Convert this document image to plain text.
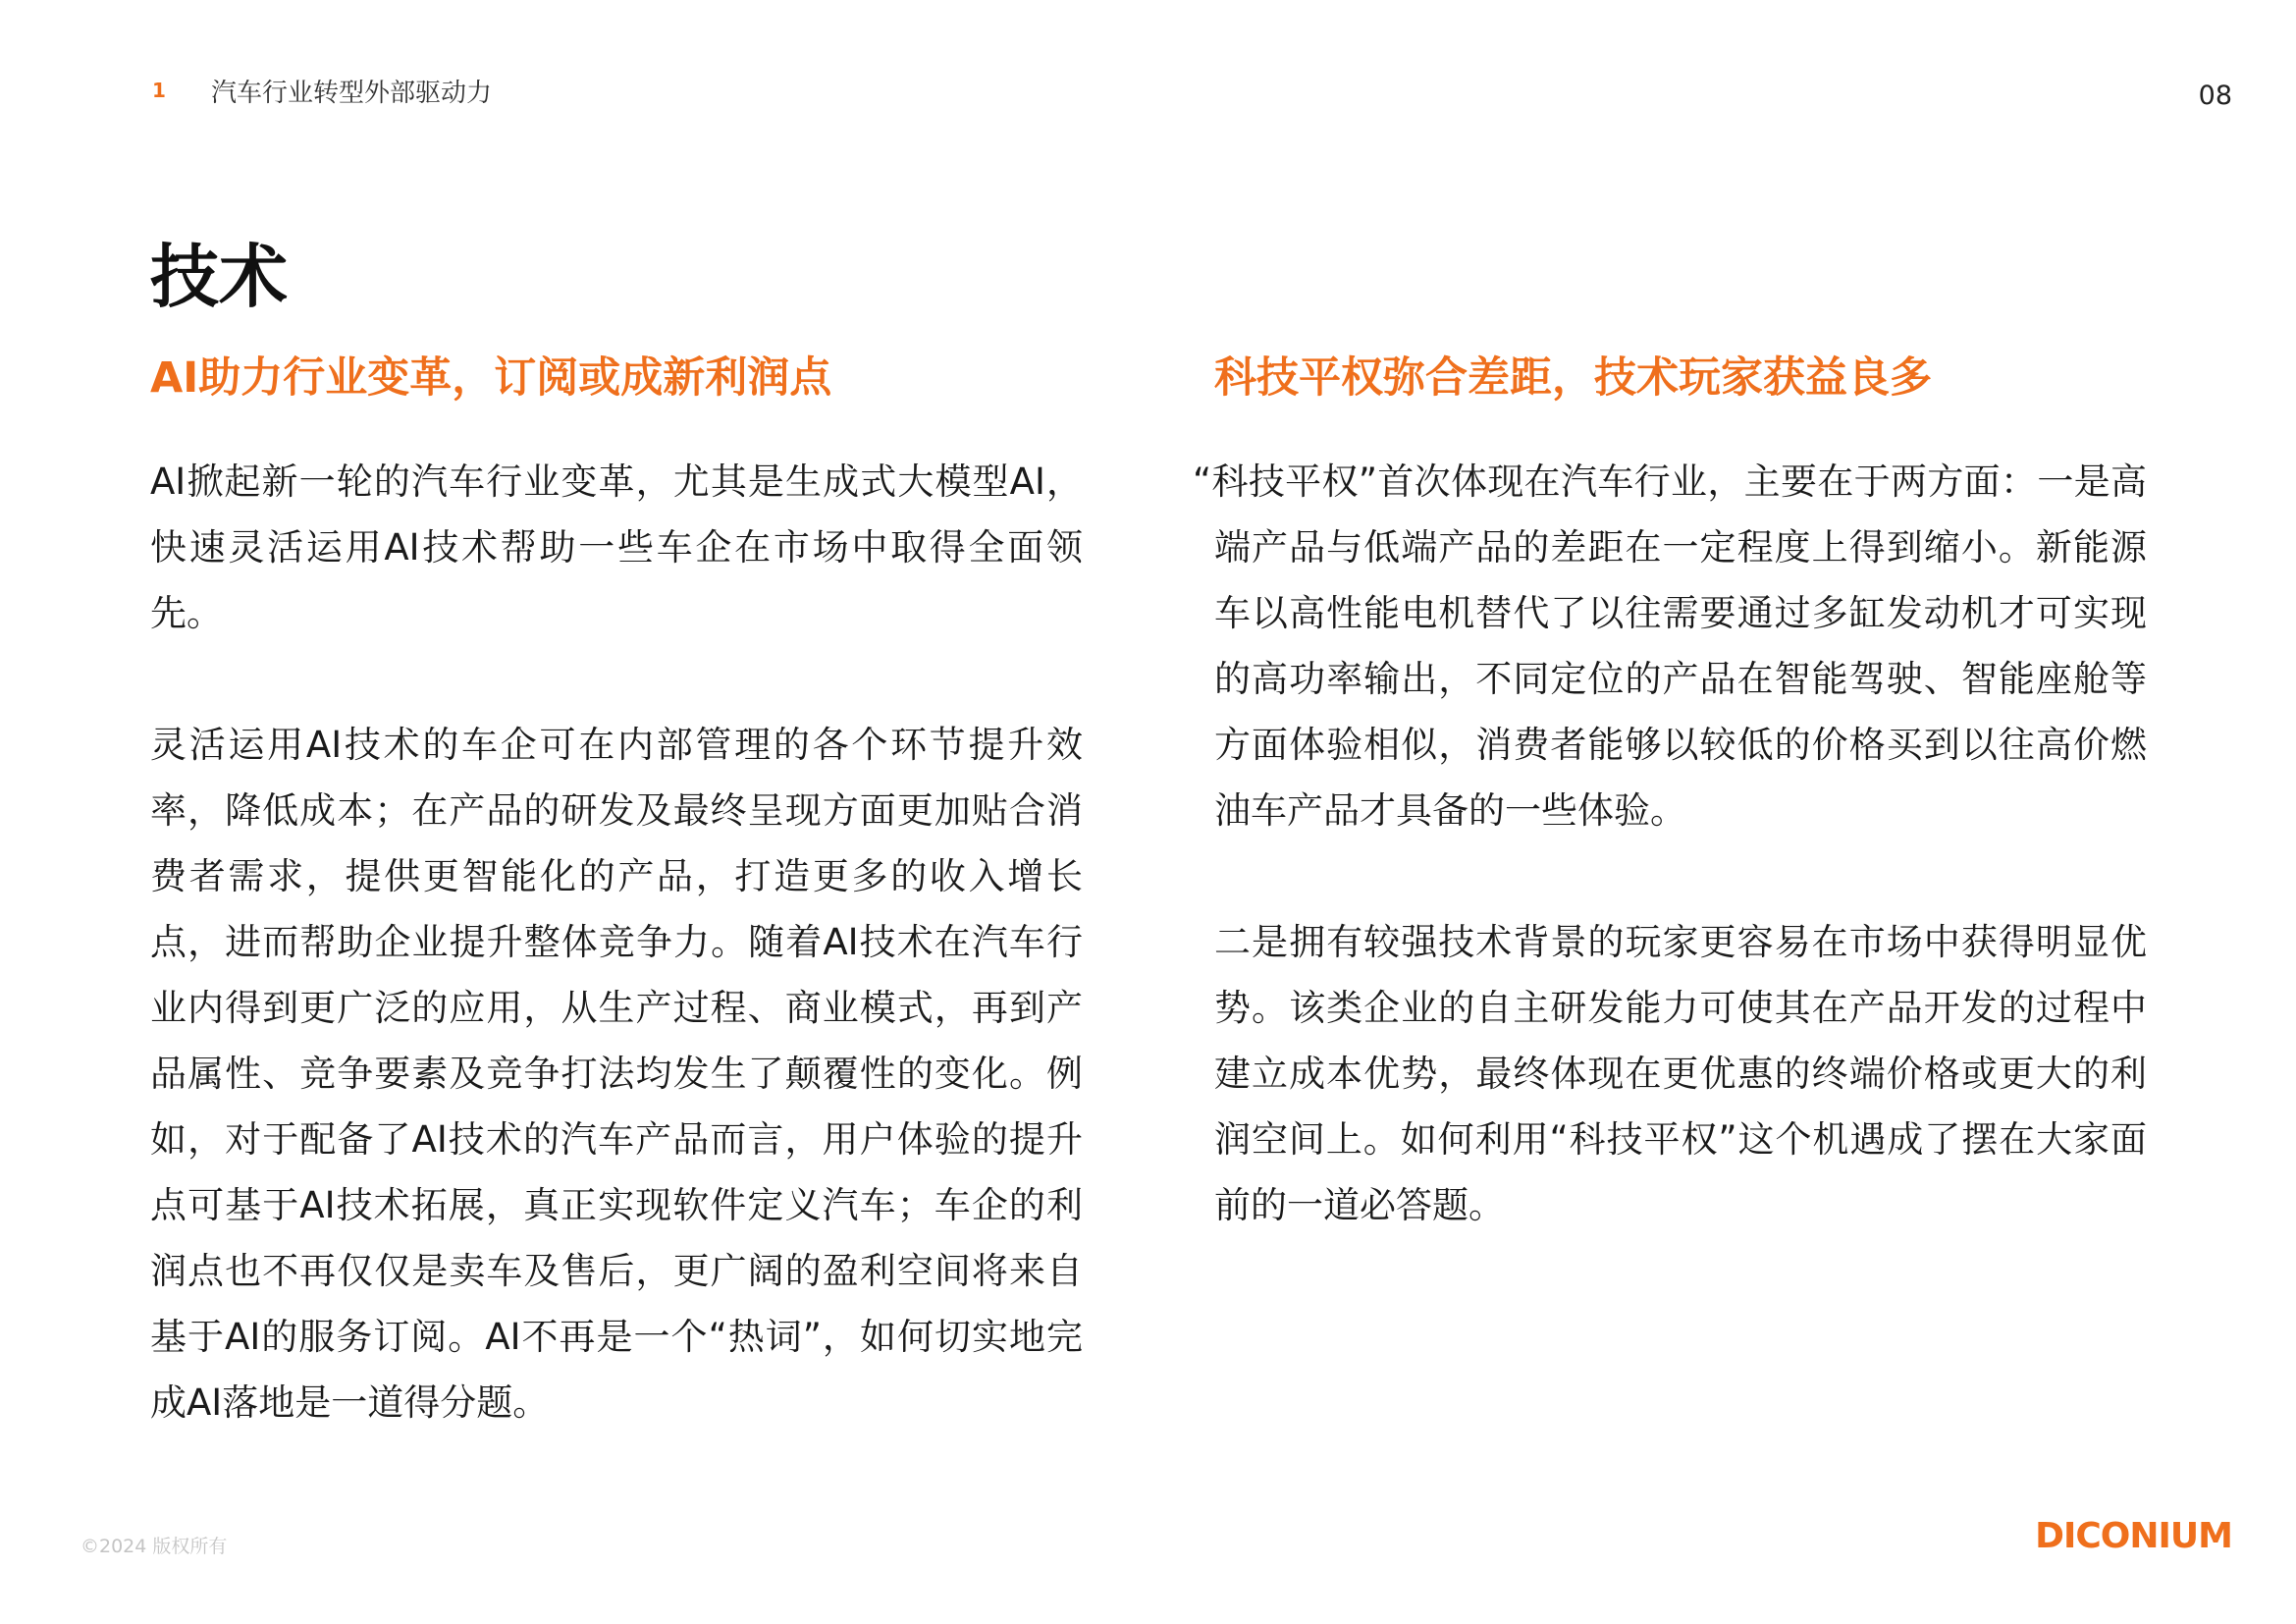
1 汽车行业转型外部驱动力	08
技术
AI助力行业变革，订阅或成新利润点

AI掀起新一轮的汽车行业变革，尤其是生成式大模型AI，快速灵活运用AI技术帮助一些车企在市场中取得全面领先。

灵活运用AI技术的车企可在内部管理的各个环节提升效率，降低成本；在产品的研发及最终呈现方面更加贴合消费者需求，提供更智能化的产品，打造更多的收入增长点，进而帮助企业提升整体竞争力。随着AI技术在汽车行业内得到更广泛的应用，从生产过程、商业模式，再到产品属性、竞争要素及竞争打法均发生了颠覆性的变化。例如，对于配备了AI技术的汽车产品而言，用户体验的提升点可基于AI技术拓展，真正实现软件定义汽车；车企的利润点也不再仅仅是卖车及售后，更广阔的盈利空间将来自基于AI的服务订阅。AI不再是一个“热词”，如何切实地完成AI落地是一道得分题。

科技平权弥合差距，技术玩家获益良多

“科技平权”首次体现在汽车行业，主要在于两方面：一是高端产品与低端产品的差距在一定程度上得到缩小。新能源车以高性能电机替代了以往需要通过多缸发动机才可实现的高功率输出，不同定位的产品在智能驾驶、智能座舱等方面体验相似，消费者能够以较低的价格买到以往高价燃油车产品才具备的一些体验。

二是拥有较强技术背景的玩家更容易在市场中获得明显优势。该类企业的自主研发能力可使其在产品开发的过程中建立成本优势，最终体现在更优惠的终端价格或更大的利润空间上。如何利用“科技平权”这个机遇成了摆在大家面前的一道必答题。

©2024 版权所有	DICONIUM
